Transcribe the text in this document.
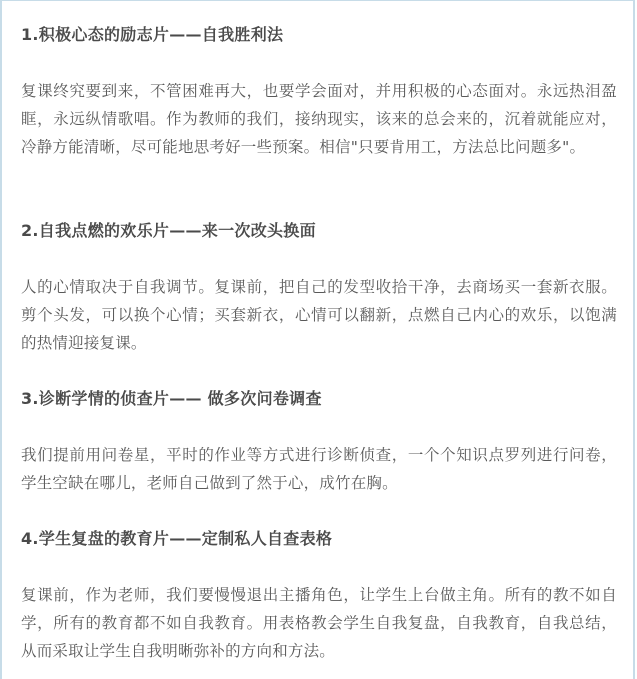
1.积极心态的励志片——自我胜利法

复课终究要到来，不管困难再大，也要学会面对，并用积极的心态面对。永远热泪盈眶，永远纵情歌唱。作为教师的我们，接纳现实，该来的总会来的，沉着就能应对，冷静方能清晰，尽可能地思考好一些预案。相信"只要肯用工，方法总比问题多"。

2.自我点燃的欢乐片——来一次改头换面

人的心情取决于自我调节。复课前，把自己的发型收拾干净，去商场买一套新衣服。剪个头发，可以换个心情；买套新衣，心情可以翻新，点燃自己内心的欢乐，以饱满的热情迎接复课。

3.诊断学情的侦查片—— 做多次问卷调查

我们提前用问卷星，平时的作业等方式进行诊断侦查，一个个知识点罗列进行问卷，学生空缺在哪儿，老师自己做到了然于心，成竹在胸。

4.学生复盘的教育片——定制私人自查表格

复课前，作为老师，我们要慢慢退出主播角色，让学生上台做主角。所有的教不如自学，所有的教育都不如自我教育。用表格教会学生自我复盘，自我教育，自我总结，从而采取让学生自我明晰弥补的方向和方法。
